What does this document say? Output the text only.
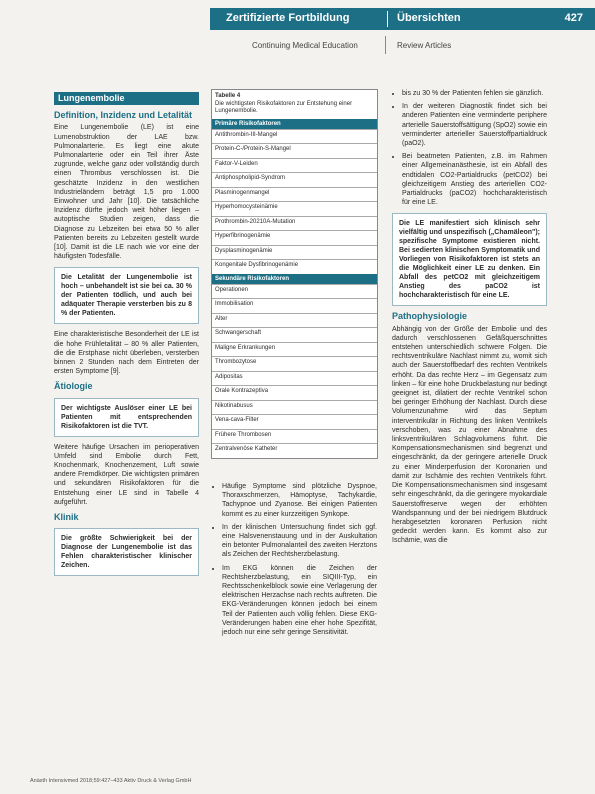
Zertifizierte Fortbildung	Übersichten	427
Continuing Medical Education	Review Articles
Lungenembolie
Definition, Inzidenz und Letalität

Eine Lungenembolie (LE) ist eine Lumenobstruktion der LAE bzw. Pulmonalarterie. Es liegt eine akute Pulmonalarterie oder ein Teil ihrer Äste zugrunde, welche ganz oder vollständig durch einen Thrombus verschlossen ist. Die geschätzte Inzidenz in den westlichen Industrieländern beträgt 1,5 pro 1.000 Einwohner und Jahr [10]. Die tatsächliche Inzidenz dürfte jedoch weit höher liegen – autoptische Studien zeigen, dass die Diagnose zu Lebzeiten bei etwa 50 % aller Patienten bereits zu Lebzeiten gestellt wurde [10]. Damit ist die LE nach wie vor eine der häufigsten Todesfälle.

Die Letalität der Lungenembolie ist hoch – unbehandelt ist sie bei ca. 30 % der Patienten tödlich, und auch bei adäquater Therapie versterben bis zu 8 % der Patienten.

Eine charakteristische Besonderheit der LE ist die hohe Frühletalität – 80 % aller Patienten, die die Erstphase nicht überleben, versterben binnen 2 Stunden nach dem Eintreten der ersten Symptome [9].

Ätiologie
Der wichtigste Auslöser einer LE bei Patienten mit entsprechenden Risikofaktoren ist die TVT.

Weitere häufige Ursachen im perioperativen Umfeld sind Embolie durch Fett, Knochenmark, Knochenzement, Luft sowie andere Fremdkörper. Die wichtigsten primären und sekundären Risikofaktoren für die Entstehung einer LE sind in Tabelle 4 aufgeführt.

Klinik
Die größte Schwierigkeit bei der Diagnose der Lungenembolie ist das Fehlen charakteristischer klinischer Zeichen.
Tabelle 4
Die wichtigsten Risikofaktoren zur Entstehung einer Lungenembolie.
Primäre Risikofaktoren
Antithrombin-III-Mangel
Protein-C-/Protein-S-Mangel
Faktor-V-Leiden
Antiphospholipid-Syndrom
Plasminogenmangel
Hyperhomocysteinämie
Prothrombin-20210A-Mutation
Hyperfibrinogenämie
Dysplasminogenämie
Kongenitale Dysfibrinogenämie
Sekundäre Risikofaktoren
Operationen
Immobilisation
Alter
Schwangerschaft
Maligne Erkrankungen
Thrombozytose
Adipositas
Orale Kontrazeptiva
Nikotinabusus
Vena-cava-Filter
Frühere Thrombosen
Zentralvenöse Katheter
• Häufige Symptome sind plötzliche Dyspnoe, Thoraxschmerzen, Hämoptyse, Tachykardie, Tachypnoe und Zyanose. Bei einigen Patienten kommt es zu einer kurzzeitigen Synkope.
• In der klinischen Untersuchung findet sich ggf. eine Halsvenenstauung und in der Auskultation ein betonter Pulmonalanteil des zweiten Herztons als Zeichen der Rechtsherzbelastung.
• Im EKG können die Zeichen der Rechtsherzbelastung, ein SIQIII-Typ, ein Rechtsschenkelblock sowie eine Verlagerung der elektrischen Herzachse nach rechts auftreten. Die EKG-Veränderungen können jedoch bei einem Teil der Patienten auch völlig fehlen. Diese EKG-Veränderungen haben eine eher hohe Spezifität, jedoch nur eine sehr geringe Sensitivität.
• bis zu 30 % der Patienten fehlen sie gänzlich.
• In der weiteren Diagnostik findet sich bei anderen Patienten eine verminderte periphere arterielle Sauerstoffsättigung (SpO2) sowie ein verminderter arterieller Sauerstoffpartialdruck (paO2).
• Bei beatmeten Patienten, z.B. im Rahmen einer Allgemeinanästhesie, ist ein Abfall des endtidalen CO2-Partialdrucks (petCO2) bei gleichzeitigem Anstieg des arteriellen CO2-Partialdrucks (paCO2) hochcharakteristisch für eine LE.
Die LE manifestiert sich klinisch sehr vielfältig und unspezifisch („Chamäleon"); spezifische Symptome existieren nicht. Bei sedierten klinischen Symptomatik und Vorliegen von Risikofaktoren ist stets an die Möglichkeit einer LE zu denken. Ein Abfall des petCO2 mit gleichzeitigem Anstieg des paCO2 ist hochcharakteristisch für eine LE.
Pathophysiologie

Abhängig von der Größe der Embolie und des dadurch verschlossenen Gefäßquerschnittes entstehen unterschiedlich schwere Folgen. Die rechtsventrikuläre Nachlast nimmt zu, womit sich auch der Sauerstoffbedarf des rechten Ventrikels erhöht. Da das rechte Herz – im Gegensatz zum linken – für eine hohe Druckbelastung nur bedingt geeignet ist, dilatiert der rechte Ventrikel schon bei geringer Erhöhung der Nachlast. Durch diese Volumenzunahme wird das Septum interventrikulär in Richtung des linken Ventrikels verschoben, was zu einer Abnahme des linksventrikulären Schlagvolumens führt. Die Kompensationsmechanismen sind begrenzt und eingeschränkt, da der geringere arterielle Druck zu einer Minderperfusion der Koronarien und damit zur Ischämie des rechten Ventrikels führt. Die Kompensationsmechanismen sind insgesamt sehr eingeschränkt, da die geringere myokardiale Sauerstoffreserve wegen der erhöhten Wandspannung und der bei niedrigem Blutdruck herabgesetzten koronaren Perfusion nicht gedeckt werden kann. Es kommt also zur Ischämie, was die

Anästh Intensivmed 2018;59:427–433 Aktiv Druck & Verlag GmbH
